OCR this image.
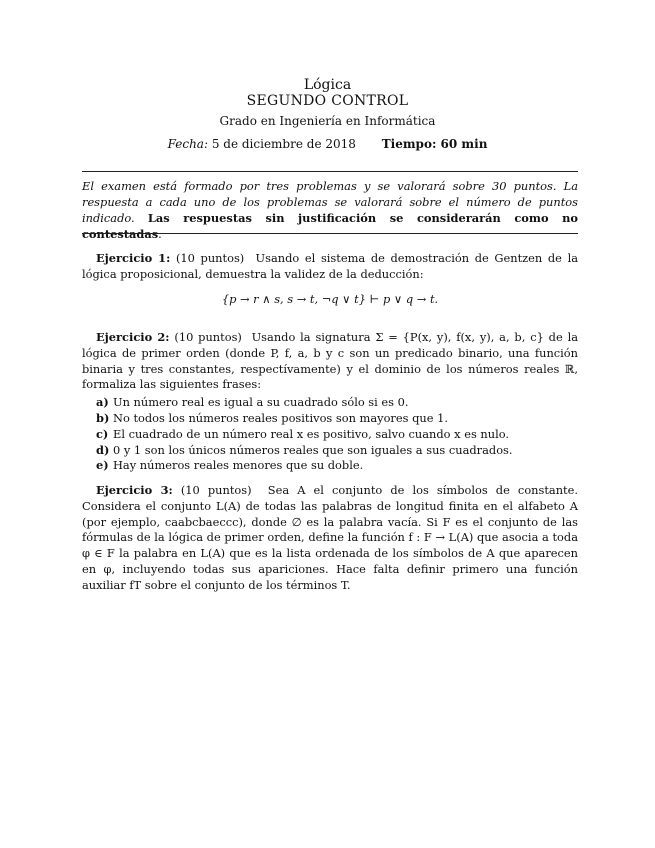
Lógica
SEGUNDO CONTROL
Grado en Ingeniería en Informática
Fecha: 5 de diciembre de 2018 Tiempo: 60 min
El examen está formado por tres problemas y se valorará sobre 30 puntos. La respuesta a cada uno de los problemas se valorará sobre el número de puntos indicado. Las respuestas sin justificación se considerarán como no contestadas.
Ejercicio 1: (10 puntos) Usando el sistema de demostración de Gentzen de la lógica proposicional, demuestra la validez de la deducción:
{p → r ∧ s, s → t, ¬q ∨ t} ⊢ p ∨ q → t.
Ejercicio 2: (10 puntos) Usando la signatura Σ = {P(x, y), f(x, y), a, b, c} de la lógica de primer orden (donde P, f, a, b y c son un predicado binario, una función binaria y tres constantes, respectívamente) y el dominio de los números reales ℝ, formaliza las siguientes frases:
a) Un número real es igual a su cuadrado sólo si es 0.
b) No todos los números reales positivos son mayores que 1.
c) El cuadrado de un número real x es positivo, salvo cuando x es nulo.
d) 0 y 1 son los únicos números reales que son iguales a sus cuadrados.
e) Hay números reales menores que su doble.
Ejercicio 3: (10 puntos) Sea A el conjunto de los símbolos de constante. Considera el conjunto L(A) de todas las palabras de longitud finita en el alfabeto A (por ejemplo, caabcbaeccc), donde ∅ es la palabra vacía. Si F es el conjunto de las fórmulas de la lógica de primer orden, define la función f : F → L(A) que asocia a toda φ ∈ F la palabra en L(A) que es la lista ordenada de los símbolos de A que aparecen en φ, incluyendo todas sus apariciones. Hace falta definir primero una función auxiliar fT sobre el conjunto de los términos T.
